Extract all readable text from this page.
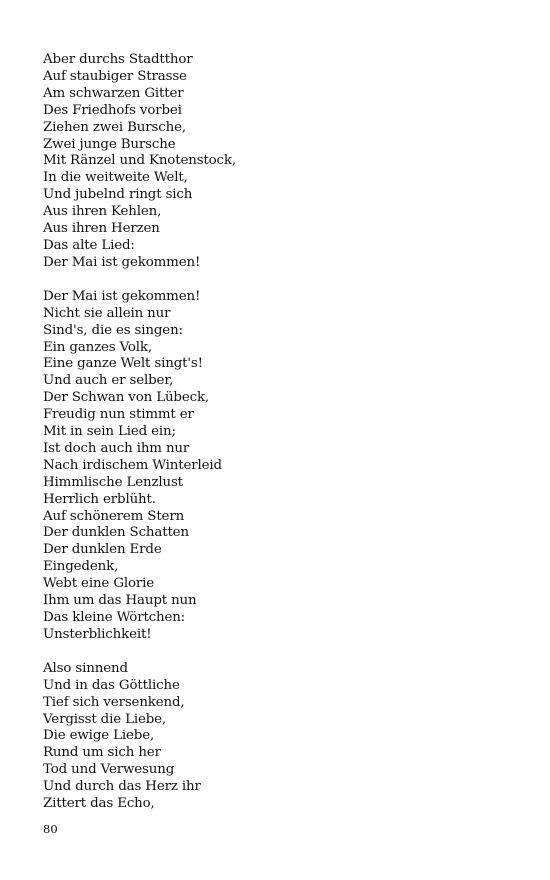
Aber durchs Stadtthor
Auf staubiger Strasse
Am schwarzen Gitter
Des Friedhofs vorbei
Ziehen zwei Bursche,
Zwei junge Bursche
Mit Ränzel und Knotenstock,
In die weitweite Welt,
Und jubelnd ringt sich
Aus ihren Kehlen,
Aus ihren Herzen
Das alte Lied:
Der Mai ist gekommen!
Der Mai ist gekommen!
Nicht sie allein nur
Sind's, die es singen:
Ein ganzes Volk,
Eine ganze Welt singt's!
Und auch er selber,
Der Schwan von Lübeck,
Freudig nun stimmt er
Mit in sein Lied ein;
Ist doch auch ihm nur
Nach irdischem Winterleid
Himmlische Lenzlust
Herrlich erblüht.
Auf schönerem Stern
Der dunklen Schatten
Der dunklen Erde
Eingedenk,
Webt eine Glorie
Ihm um das Haupt nun
Das kleine Wörtchen:
Unsterblichkeit!
Also sinnend
Und in das Göttliche
Tief sich versenkend,
Vergisst die Liebe,
Die ewige Liebe,
Rund um sich her
Tod und Verwesung
Und durch das Herz ihr
Zittert das Echo,
80
